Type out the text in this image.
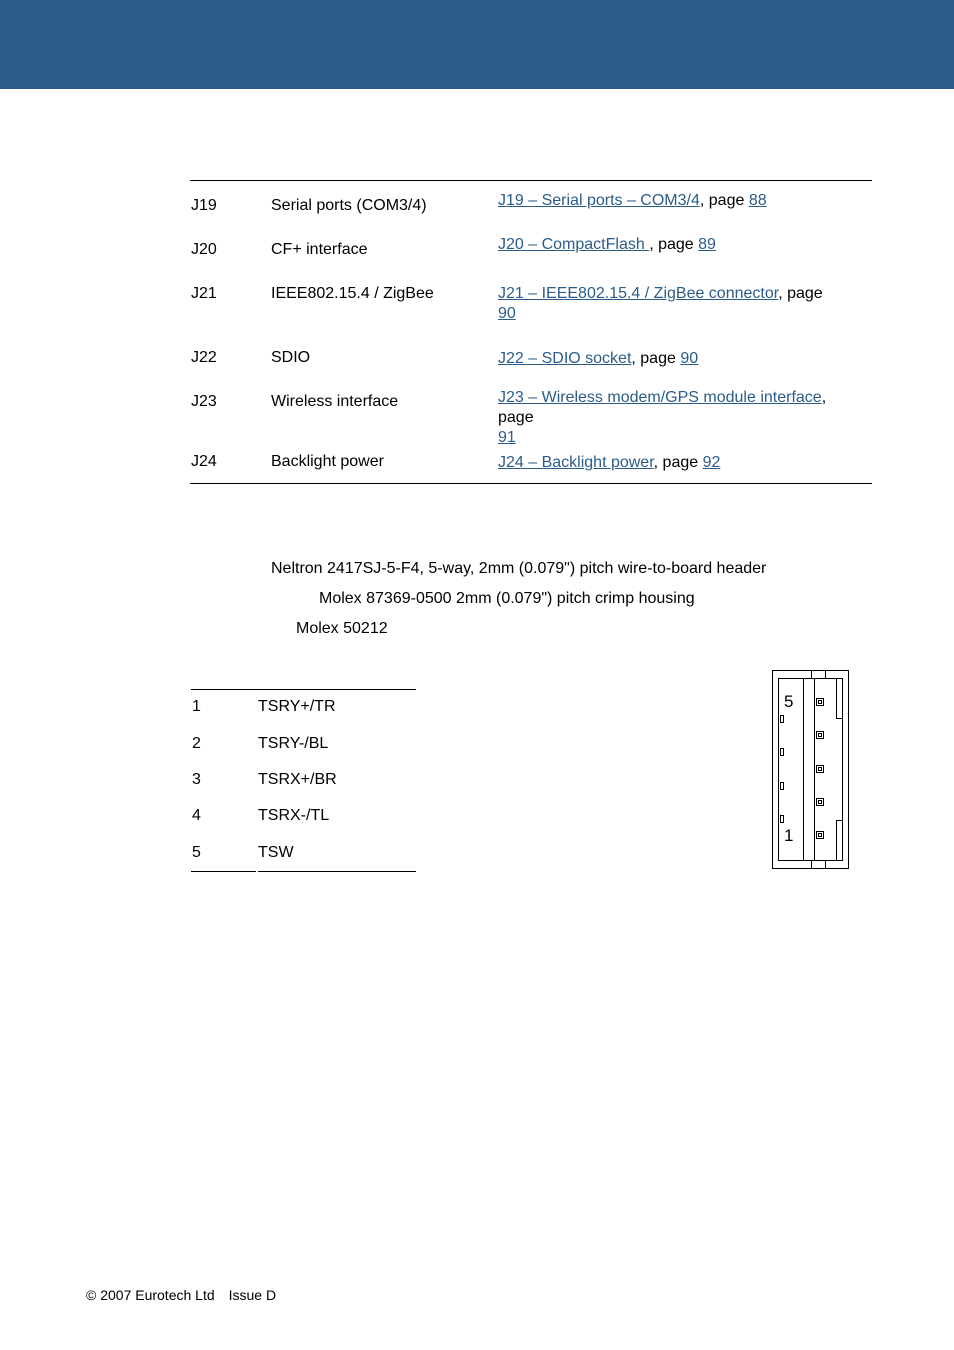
J19	Serial ports (COM3/4)	J19 – Serial ports – COM3/4, page 88
J20	CF+ interface	J20 – CompactFlash , page 89
J21	IEEE802.15.4 / ZigBee	J21 – IEEE802.15.4 / ZigBee connector, page
90
J22	SDIO	J22 – SDIO socket, page 90
J23	Wireless interface	J23 – Wireless modem/GPS module interface, page
91
J24	Backlight power	J24 – Backlight power, page 92
Neltron 2417SJ-5-F4, 5-way, 2mm (0.079") pitch wire-to-board header
Molex 87369-0500 2mm (0.079") pitch crimp housing
Molex 50212
1	TSRY+/TR
2	TSRY-/BL
3	TSRX+/BR
4	TSRX-/TL
5	TSW
5
1
© 2007 Eurotech Ltd Issue D
